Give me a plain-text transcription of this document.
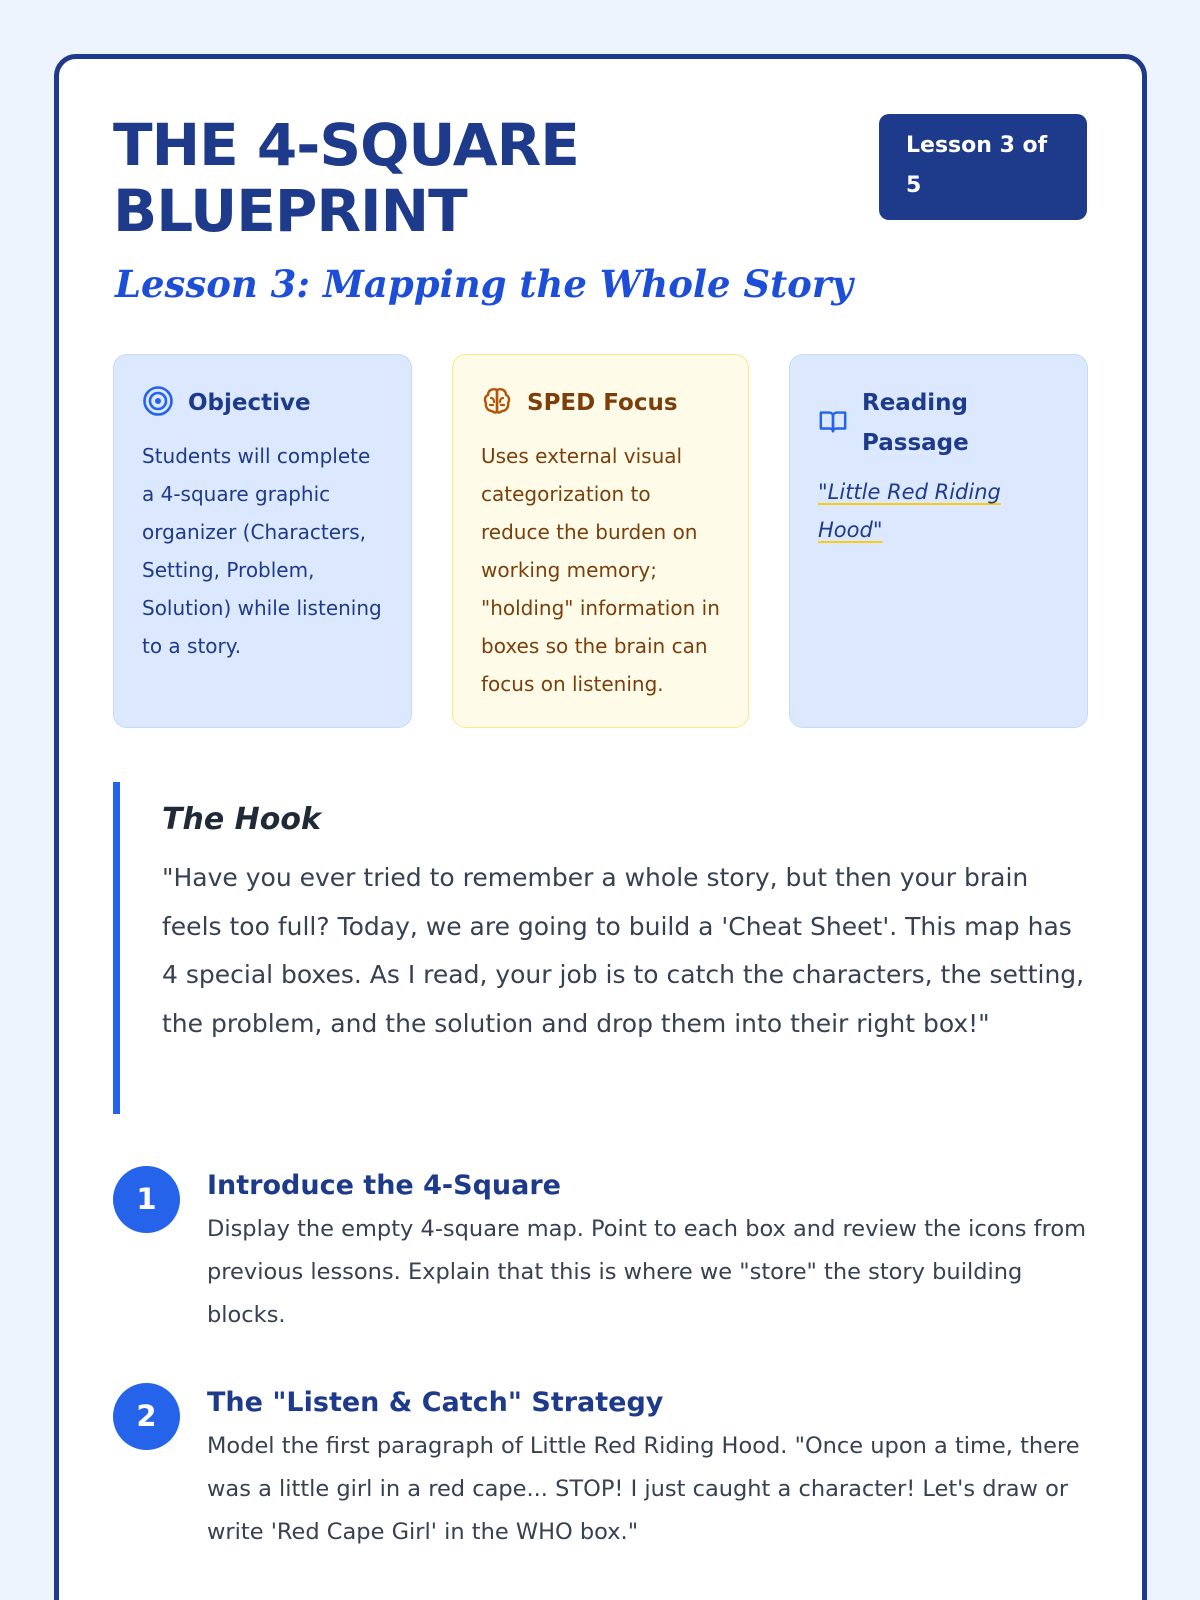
THE 4-SQUARE BLUEPRINT
Lesson 3 of 5
Lesson 3: Mapping the Whole Story
Objective

Students will complete a 4-square graphic organizer (Characters, Setting, Problem, Solution) while listening to a story.

SPED Focus

Uses external visual categorization to reduce the burden on working memory; "holding" information in boxes so the brain can focus on listening.

Reading Passage

"Little Red Riding Hood"

The Hook

"Have you ever tried to remember a whole story, but then your brain feels too full? Today, we are going to build a 'Cheat Sheet'. This map has 4 special boxes. As I read, your job is to catch the characters, the setting, the problem, and the solution and drop them into their right box!"

1	Introduce the 4-Square

Display the empty 4-square map. Point to each box and review the icons from previous lessons. Explain that this is where we "store" the story building blocks.

2	The "Listen & Catch" Strategy

Model the first paragraph of Little Red Riding Hood. "Once upon a time, there was a little girl in a red cape... STOP! I just caught a character! Let's draw or write 'Red Cape Girl' in the WHO box."
